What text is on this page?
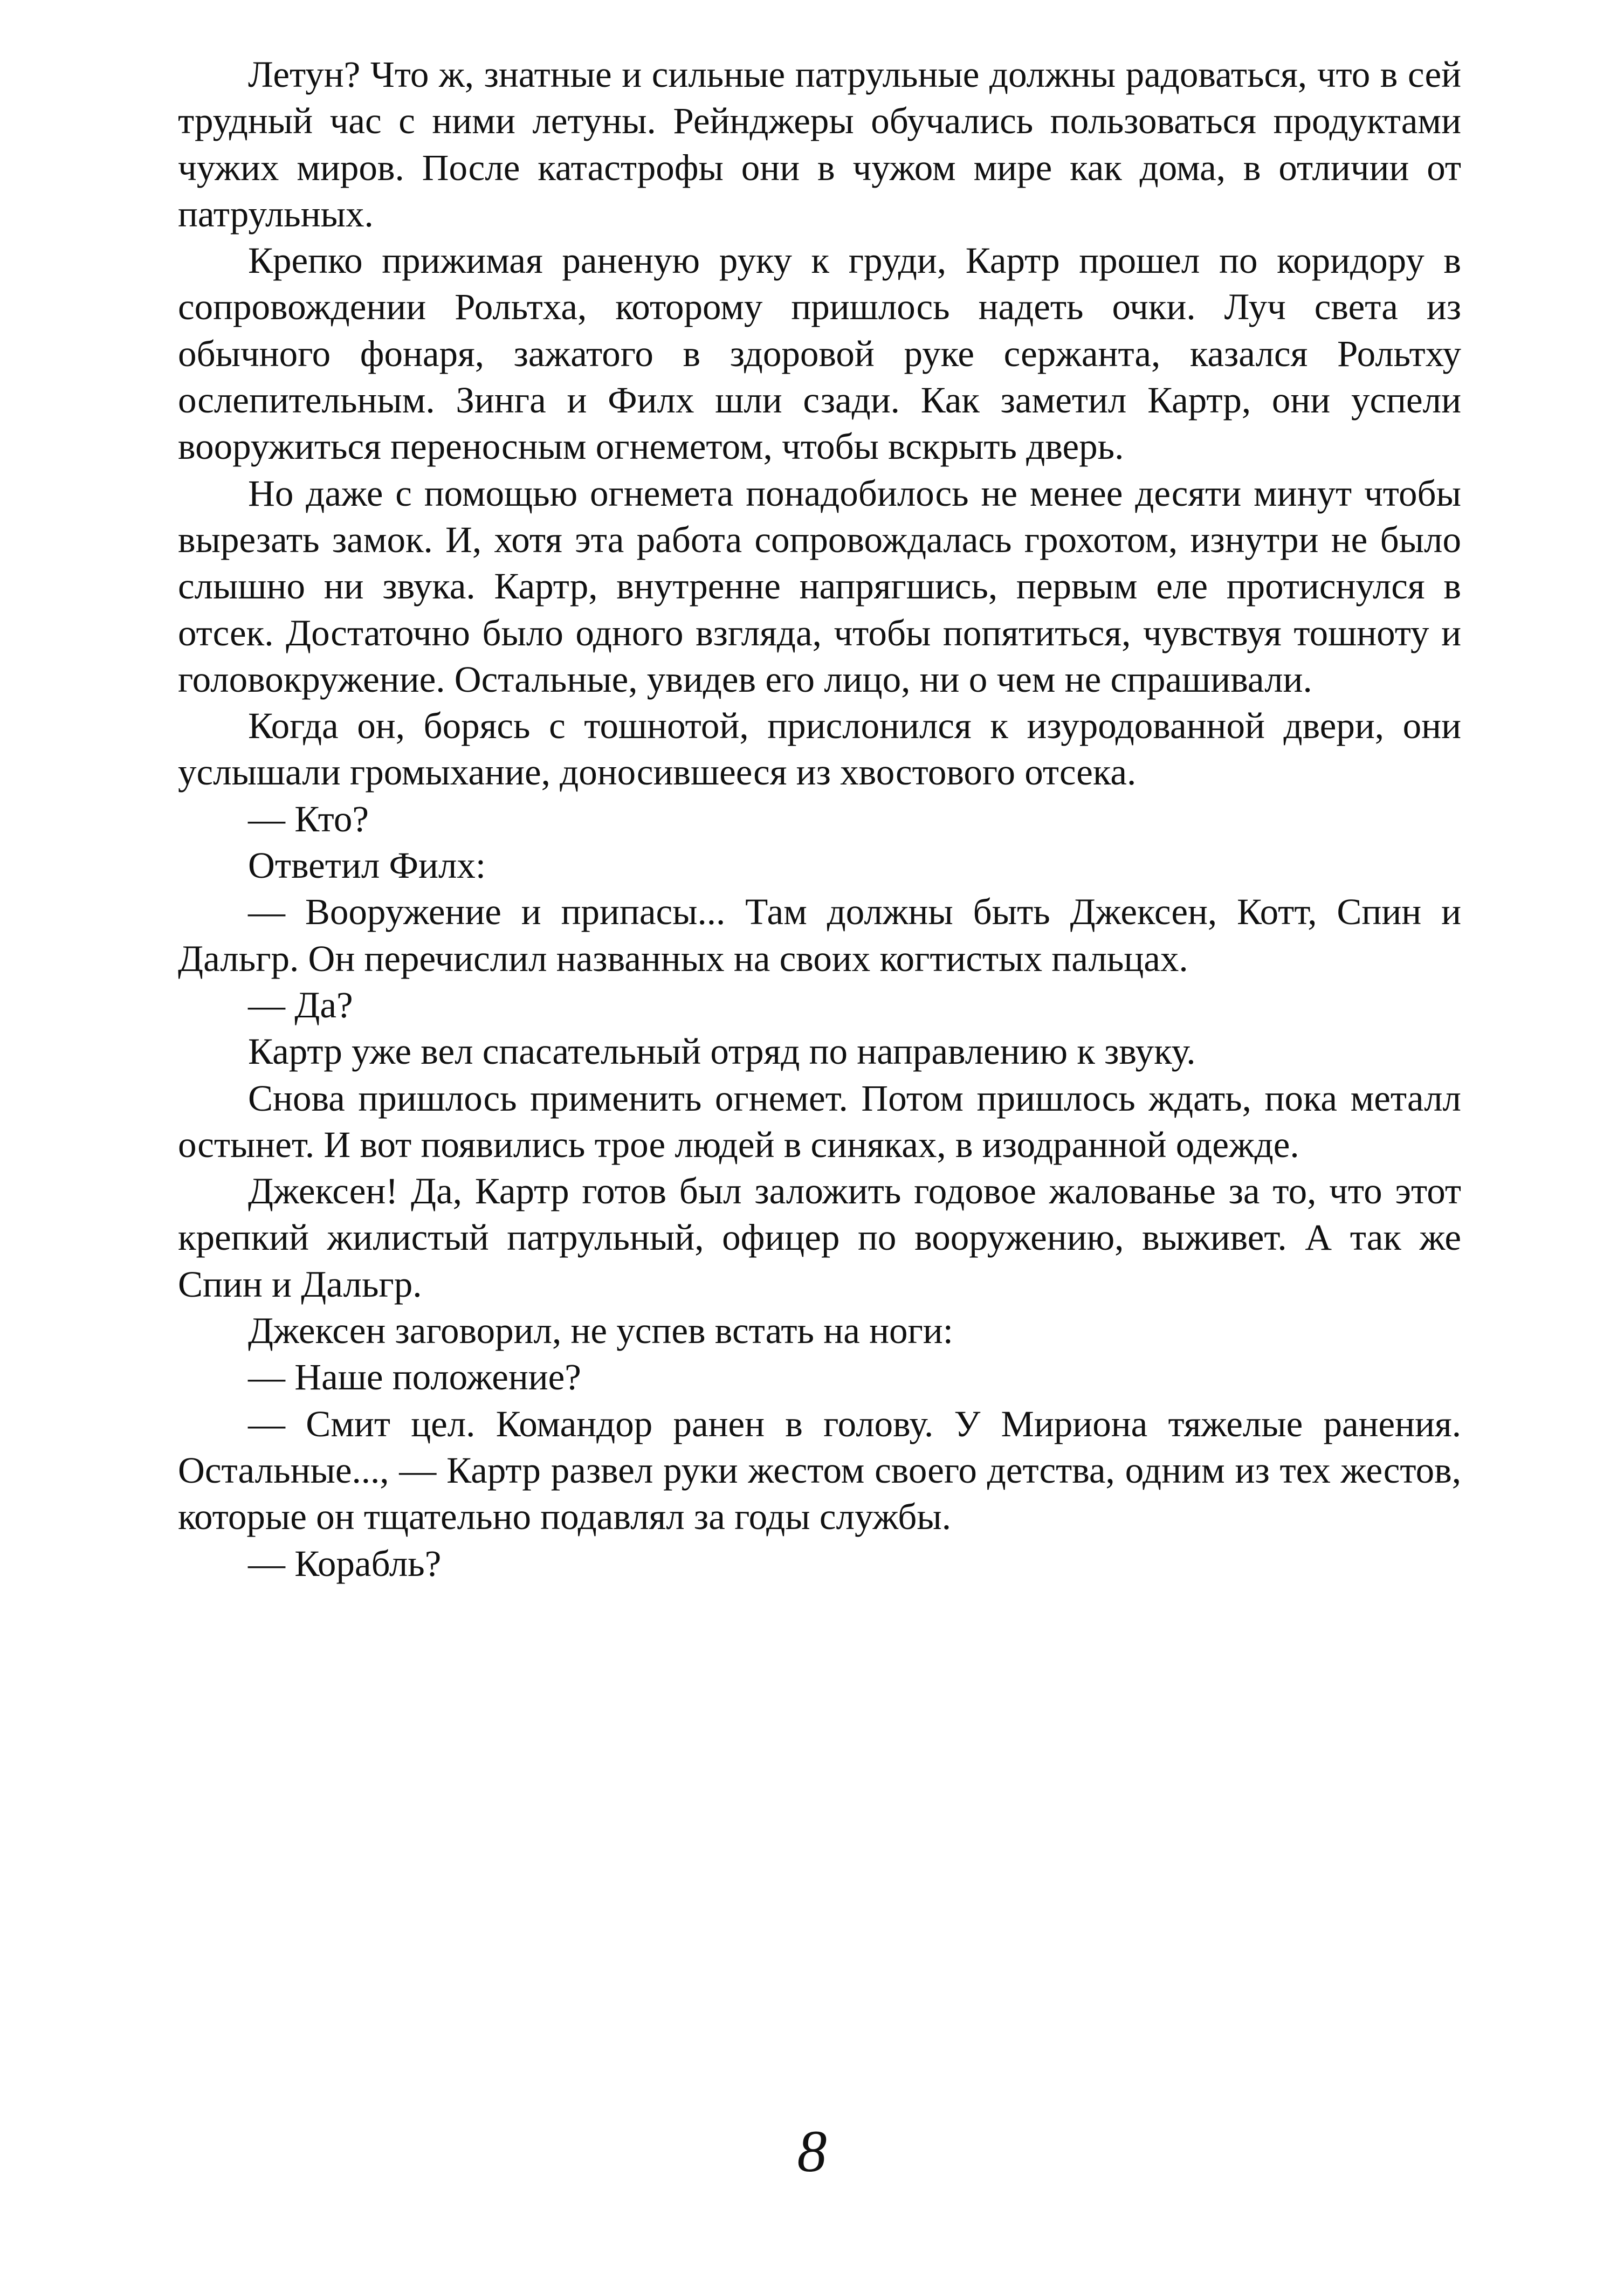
Летун? Что ж, знатные и сильные патрульные должны радоваться, что в сей трудный час с ними летуны. Рейнджеры обучались пользоваться продуктами чужих миров. После катастрофы они в чужом мире как дома, в отличии от патрульных.

Крепко прижимая раненую руку к груди, Картр прошел по коридору в сопровождении Рольтха, которому пришлось надеть очки. Луч света из обычного фонаря, зажатого в здоровой руке сержанта, казался Рольтху ослепительным. Зинга и Филх шли сзади. Как заметил Картр, они успели вооружиться переносным огнеметом, чтобы вскрыть дверь.

Но даже с помощью огнемета понадобилось не менее десяти минут чтобы вырезать замок. И, хотя эта работа сопровождалась грохотом, изнутри не было слышно ни звука. Картр, внутренне напрягшись, первым еле протиснулся в отсек. Достаточно было одного взгляда, чтобы попятиться, чувствуя тошноту и головокружение. Остальные, увидев его лицо, ни о чем не спрашивали.

Когда он, борясь с тошнотой, прислонился к изуродованной двери, они услышали громыхание, доносившееся из хвостового отсека.

— Кто?

Ответил Филх:

— Вооружение и припасы... Там должны быть Джексен, Котт, Спин и Дальгр. Он перечислил названных на своих когтистых пальцах.

— Да?

Картр уже вел спасательный отряд по направлению к звуку.

Снова пришлось применить огнемет. Потом пришлось ждать, пока металл остынет. И вот появились трое людей в синяках, в изодранной одежде.

Джексен! Да, Картр готов был заложить годовое жалованье за то, что этот крепкий жилистый патрульный, офицер по вооружению, выживет. А так же Спин и Дальгр.

Джексен заговорил, не успев встать на ноги:

— Наше положение?

— Смит цел. Командор ранен в голову. У Мириона тяжелые ранения. Остальные..., — Картр развел руки жестом своего детства, одним из тех жестов, которые он тщательно подавлял за годы службы.

— Корабль?

8
